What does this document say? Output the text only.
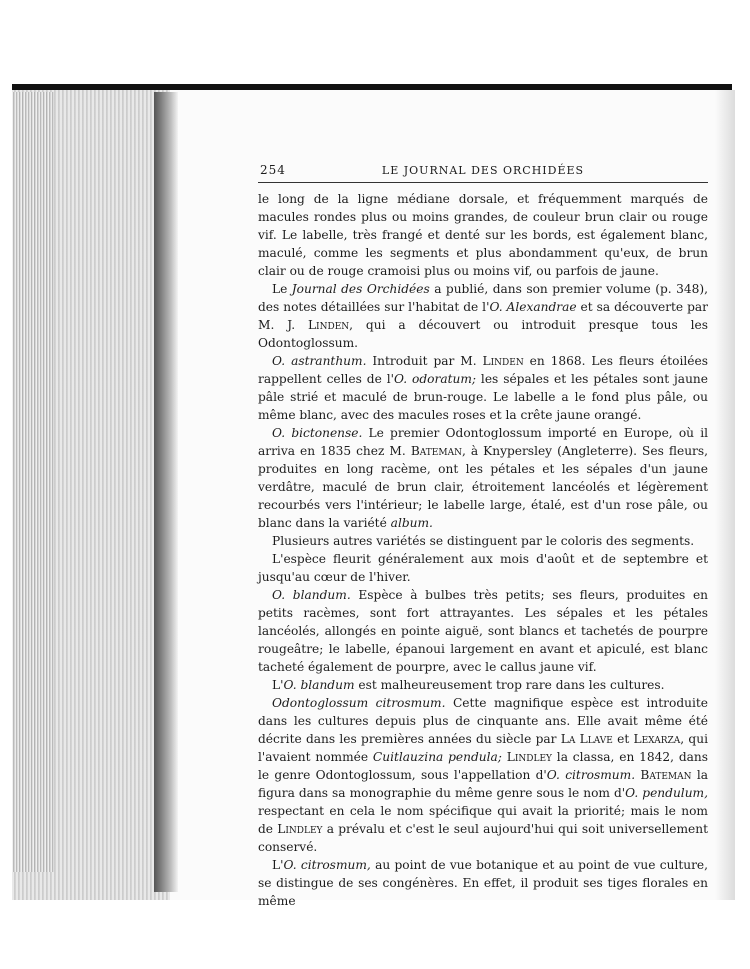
254	LE JOURNAL DES ORCHIDÉES

le long de la ligne médiane dorsale, et fréquemment marqués de macules rondes plus ou moins grandes, de couleur brun clair ou rouge vif. Le labelle, très frangé et denté sur les bords, est également blanc, maculé, comme les segments et plus abondamment qu'eux, de brun clair ou de rouge cramoisi plus ou moins vif, ou parfois de jaune.

Le Journal des Orchidées a publié, dans son premier volume (p. 348), des notes détaillées sur l'habitat de l'O. Alexandrae et sa découverte par M. J. Linden, qui a découvert ou introduit presque tous les Odontoglossum.

O. astranthum. Introduit par M. Linden en 1868. Les fleurs étoilées rappellent celles de l'O. odoratum; les sépales et les pétales sont jaune pâle strié et maculé de brun-rouge. Le labelle a le fond plus pâle, ou même blanc, avec des macules roses et la crête jaune orangé.

O. bictonense. Le premier Odontoglossum importé en Europe, où il arriva en 1835 chez M. Bateman, à Knypersley (Angleterre). Ses fleurs, produites en long racème, ont les pétales et les sépales d'un jaune verdâtre, maculé de brun clair, étroitement lancéolés et légèrement recourbés vers l'intérieur; le labelle large, étalé, est d'un rose pâle, ou blanc dans la variété album.

Plusieurs autres variétés se distinguent par le coloris des segments.

L'espèce fleurit généralement aux mois d'août et de septembre et jusqu'au cœur de l'hiver.

O. blandum. Espèce à bulbes très petits; ses fleurs, produites en petits racèmes, sont fort attrayantes. Les sépales et les pétales lancéolés, allongés en pointe aiguë, sont blancs et tachetés de pourpre rougeâtre; le labelle, épanoui largement en avant et apiculé, est blanc tacheté également de pourpre, avec le callus jaune vif.

L'O. blandum est malheureusement trop rare dans les cultures.

Odontoglossum citrosmum. Cette magnifique espèce est introduite dans les cultures depuis plus de cinquante ans. Elle avait même été décrite dans les premières années du siècle par La Llave et Lexarza, qui l'avaient nommée Cuitlauzina pendula; Lindley la classa, en 1842, dans le genre Odontoglossum, sous l'appellation d'O. citrosmum. Bateman la figura dans sa monographie du même genre sous le nom d'O. pendulum, respectant en cela le nom spécifique qui avait la priorité; mais le nom de Lindley a prévalu et c'est le seul aujourd'hui qui soit universellement conservé.

L'O. citrosmum, au point de vue botanique et au point de vue culture, se distingue de ses congénères. En effet, il produit ses tiges florales en même
